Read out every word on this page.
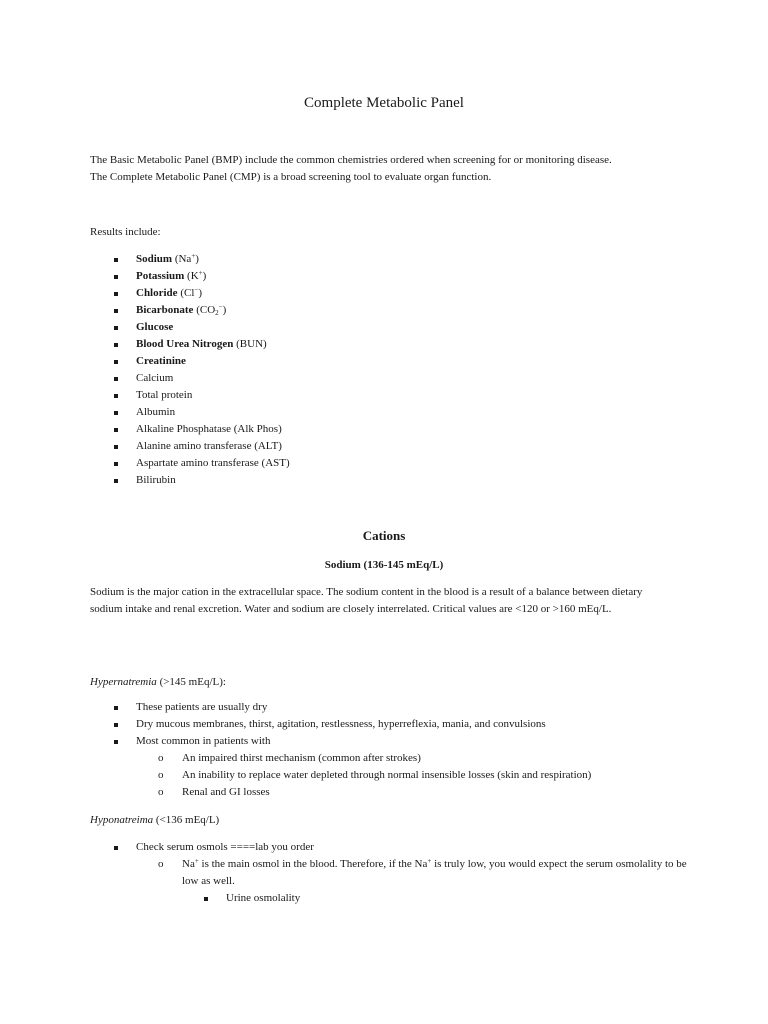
Complete Metabolic Panel

The Basic Metabolic Panel (BMP) include the common chemistries ordered when screening for or monitoring disease.

The Complete Metabolic Panel (CMP) is a broad screening tool to evaluate organ function.

Results include:
Sodium (Na+)
Potassium (K+)
Chloride (Cl−)
Bicarbonate $(CO_2^-)$
Glucose
Blood Urea Nitrogen (BUN)
Creatinine
Calcium
Total protein
Albumin
Alkaline Phosphatase (Alk Phos)
Alanine amino transferase (ALT)
Aspartate amino transferase (AST)
Bilirubin
Cations
Sodium (136-145 mEq/L)

Sodium is the major cation in the extracellular space. The sodium content in the blood is a result of a balance between dietary sodium intake and renal excretion. Water and sodium are closely interrelated. Critical values are <120 or >160 mEq/L.

Hypernatremia (>145 mEq/L):
These patients are usually dry
Dry mucous membranes, thirst, agitation, restlessness, hyperreflexia, mania, and convulsions
Most common in patients with
o An impaired thirst mechanism (common after strokes)
o An inability to replace water depleted through normal insensible losses (skin and respiration)
o Renal and GI losses
Hyponatreima (<136 mEq/L)
Check serum osmols ====lab you order
o Na+ is the main osmol in the blood. Therefore, if the Na+ is truly low, you would expect the serum osmolality to be low as well.
Urine osmolality
